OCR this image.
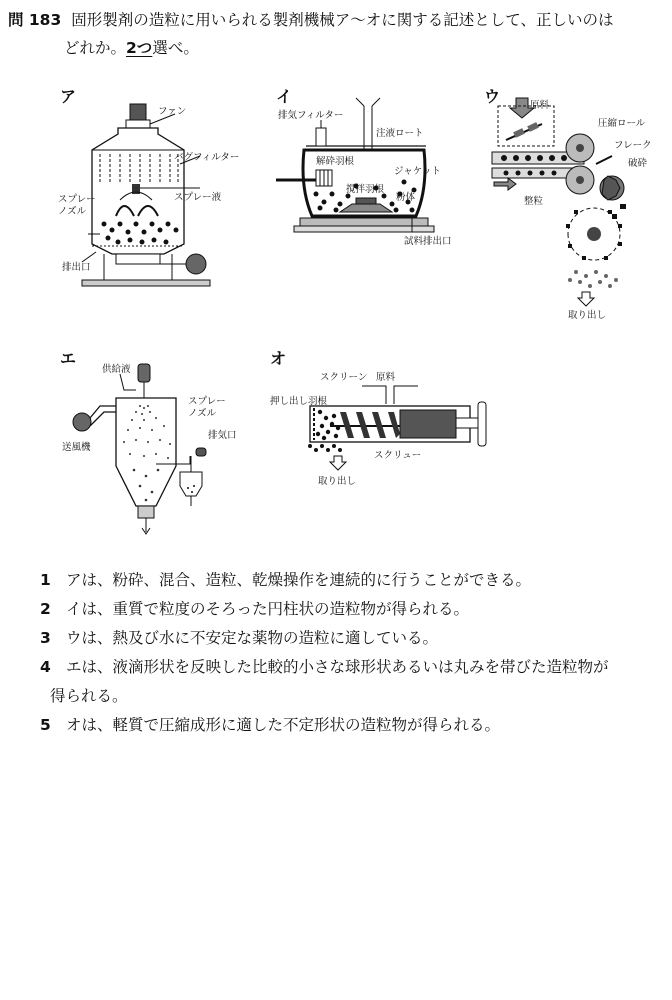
問 183 固形製剤の造粒に用いられる製剤機械ア～オに関する記述として、正しいのは
どれか。2つ選べ。
ア
ファン
バグフィルター
スプレー
ノズル
スプレー液
排出口
イ
排気フィルター
注液ロート
解砕羽根
ジャケット
撹拌羽根
粉体
試料排出口
ウ	原料
圧縮ロール
フレーク
破砕
整粒
取り出し
エ
供給液
スプレー
ノズル
排気口
送風機
オ
スクリーン 原料
押し出し羽根
スクリュー
取り出し
1 アは、粉砕、混合、造粒、乾燥操作を連続的に行うことができる。
2 イは、重質で粒度のそろった円柱状の造粒物が得られる。
3 ウは、熱及び水に不安定な薬物の造粒に適している。
4 エは、液滴形状を反映した比較的小さな球形状あるいは丸みを帯びた造粒物が
得られる。
5 オは、軽質で圧縮成形に適した不定形状の造粒物が得られる。
